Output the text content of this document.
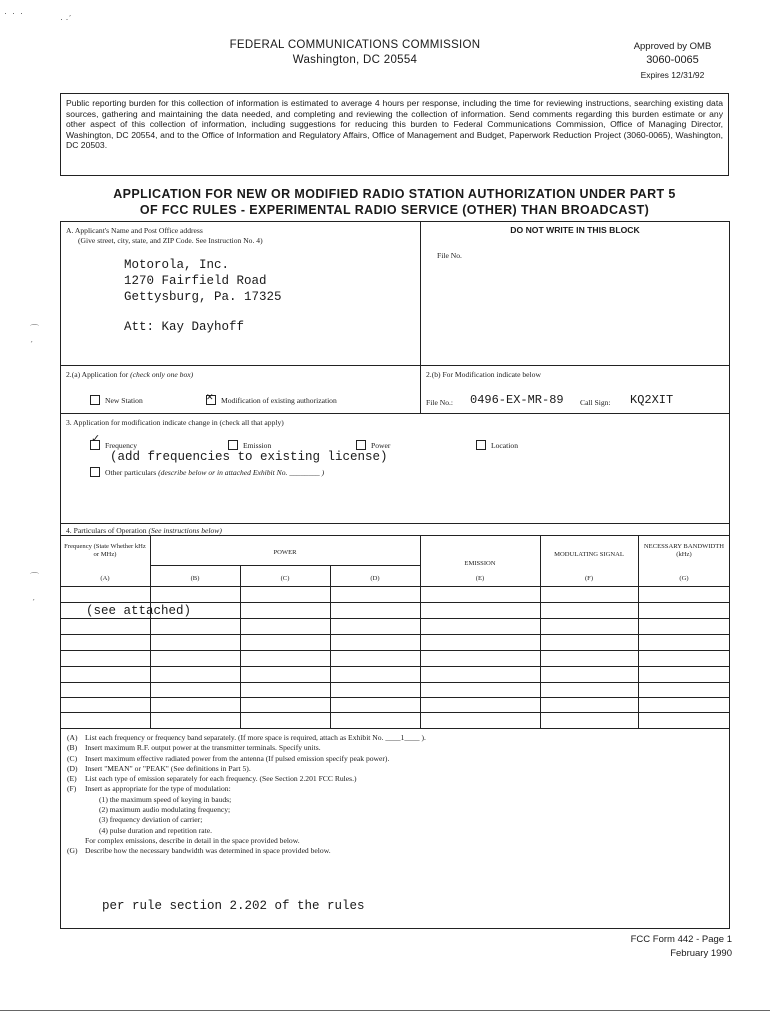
·  ·  ·
· ·ˊ
⌒
ˊ
⌒
ˊ
FEDERAL COMMUNICATIONS COMMISSION
Washington, DC 20554
Approved by OMB
3060-0065
Expires 12/31/92
Public reporting burden for this collection of information is estimated to average 4 hours per response, including the time for reviewing instructions, searching existing data sources, gathering and maintaining the data needed, and completing and reviewing the collection of information. Send comments regarding this burden estimate or any other aspect of this collection of information, including suggestions for reducing this burden to Federal Communications Commission, Office of Managing Director, Washington, DC 20554, and to the Office of Information and Regulatory Affairs, Office of Management and Budget, Paperwork Reduction Project (3060-0065), Washington, DC 20503.
APPLICATION FOR NEW OR MODIFIED RADIO STATION AUTHORIZATION UNDER PART 5
OF FCC RULES - EXPERIMENTAL RADIO SERVICE (OTHER) THAN BROADCAST)
A. Applicant's Name and Post Office address
(Give street, city, state, and ZIP Code. See Instruction No. 4)
Motorola, Inc.
1270 Fairfield Road
Gettysburg, Pa. 17325
Att: Kay Dayhoff
DO NOT WRITE IN THIS BLOCK
File No.
2.(a) Application for (check only one box)
New Station
✕	Modification of existing authorization
2.(b) For Modification indicate below
File No.: 0496-EX-MR-89 Call Sign: KQ2XIT
3. Application for modification indicate change in (check all that apply)
✓Frequency	Emission	Power	Location
(add frequencies to existing license)
Other particulars (describe below or in attached Exhibit No. ________ )
4. Particulars of Operation (See instructions below)
Frequency (State Whether kHz or MHz)
(A)
POWER
(B)	(C)	(D)
EMISSION
(E)
MODULATING SIGNAL
(F)
NECESSARY BANDWIDTH (kHz)
(G)
(see attached)
(A) List each frequency or frequency band separately. (If more space is required, attach as Exhibit No. ____1____ ).
(B) Insert maximum R.F. output power at the transmitter terminals. Specify units.
(C) Insert maximum effective radiated power from the antenna (If pulsed emission specify peak power).
(D) Insert "MEAN" or "PEAK" (See definitions in Part 5).
(E) List each type of emission separately for each frequency. (See Section 2.201 FCC Rules.)
(F) Insert as appropriate for the type of modulation:
(1) the maximum speed of keying in bauds;
(2) maximum audio modulating frequency;
(3) frequency deviation of carrier;
(4) pulse duration and repetition rate.
For complex emissions, describe in detail in the space provided below.
(G) Describe how the necessary bandwidth was determined in space provided below.
per rule section 2.202 of the rules
FCC Form 442 - Page 1
February 1990
